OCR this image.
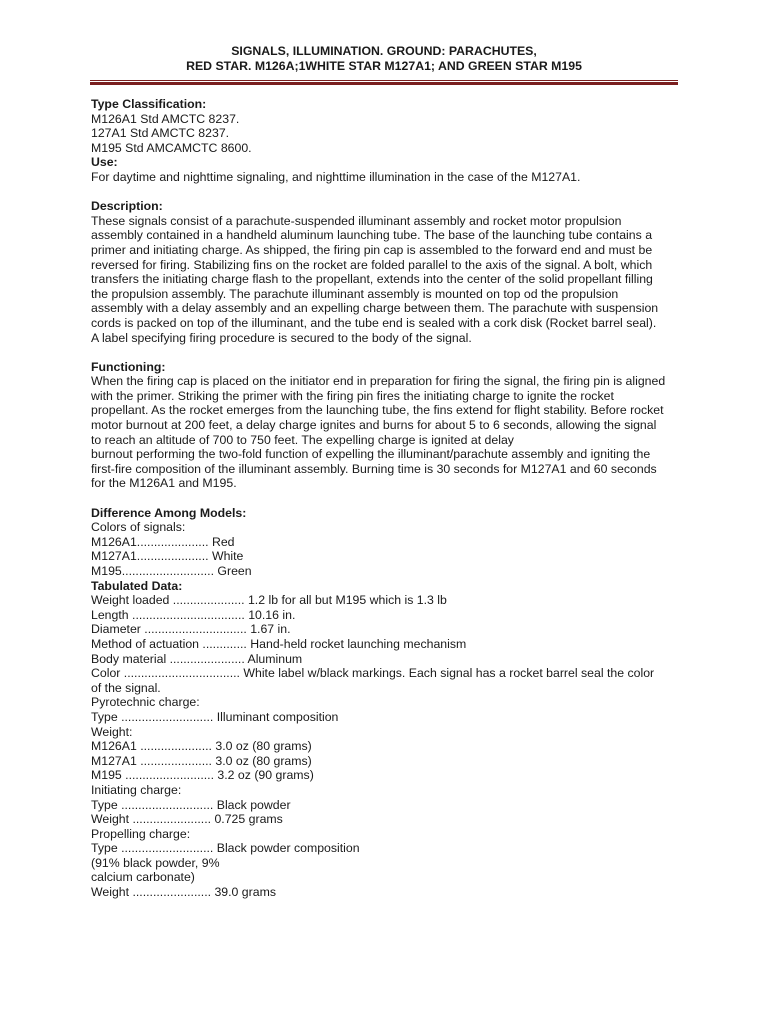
SIGNALS, ILLUMINATION. GROUND: PARACHUTES,
RED STAR. M126A;1WHITE STAR M127A1; AND GREEN STAR M195
Type Classification:
M126A1 Std AMCTC 8237.
127A1 Std AMCTC 8237.
M195 Std AMCAMCTC 8600.
Use:
For daytime and nighttime signaling, and nighttime illumination in the case of the M127A1.
Description:
These signals consist of a parachute-suspended illuminant assembly and rocket motor propulsion
assembly contained in a handheld aluminum launching tube. The base of the launching tube contains a
primer and initiating charge. As shipped, the firing pin cap is assembled to the forward end and must be
reversed for firing. Stabilizing fins on the rocket are folded parallel to the axis of the signal. A bolt, which
transfers the initiating charge flash to the propellant, extends into the center of the solid propellant filling
the propulsion assembly. The parachute illuminant assembly is mounted on top od the propulsion
assembly with a delay assembly and an expelling charge between them. The parachute with suspension
cords is packed on top of the illuminant, and the tube end is sealed with a cork disk (Rocket barrel seal).
A label specifying firing procedure is secured to the body of the signal.
Functioning:
When the firing cap is placed on the initiator end in preparation for firing the signal, the firing pin is aligned
with the primer. Striking the primer with the firing pin fires the initiating charge to ignite the rocket
propellant. As the rocket emerges from the launching tube, the fins extend for flight stability. Before rocket
motor burnout at 200 feet, a delay charge ignites and burns for about 5 to 6 seconds, allowing the signal
to reach an altitude of 700 to 750 feet. The expelling charge is ignited at delay
burnout performing the two-fold function of expelling the illuminant/parachute assembly and igniting the
first-fire composition of the illuminant assembly. Burning time is 30 seconds for M127A1 and 60 seconds
for the M126A1 and M195.
Difference Among Models:
Colors of signals:
M126A1..................... Red
M127A1..................... White
M195........................... Green
Tabulated Data:
Weight loaded ..................... 1.2 lb for all but M195 which is 1.3 lb
Length ................................. 10.16 in.
Diameter .............................. 1.67 in.
Method of actuation ............. Hand-held rocket launching mechanism
Body material ...................... Aluminum
Color .................................. White label w/black markings. Each signal has a rocket barrel seal the color
of the signal.
Pyrotechnic charge:
Type ........................... Illuminant composition
Weight:
M126A1 ..................... 3.0 oz (80 grams)
M127A1 ..................... 3.0 oz (80 grams)
M195 .......................... 3.2 oz (90 grams)
Initiating charge:
Type ........................... Black powder
Weight ....................... 0.725 grams
Propelling charge:
Type ........................... Black powder composition
(91% black powder, 9%
calcium carbonate)
Weight ....................... 39.0 grams
